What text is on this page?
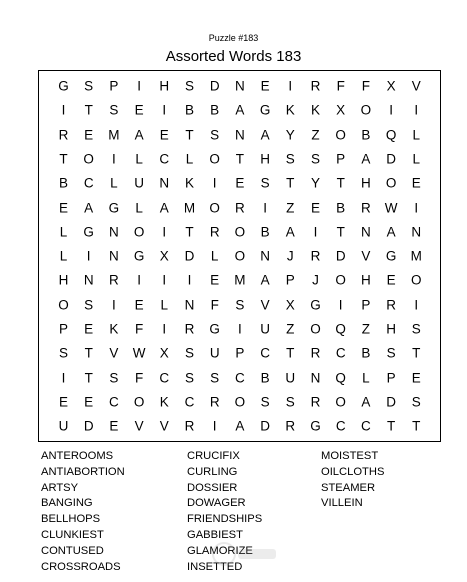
Puzzle #183
Assorted Words 183
G	S	P	I	H	S	D	N	E	I	R	F	F	X	V
I	T	S	E	I	B	B	A	G	K	K	X	O	I	I
R	E	M	A	E	T	S	N	A	Y	Z	O	B	Q	L
T	O	I	L	C	L	O	T	H	S	S	P	A	D	L
B	C	L	U	N	K	I	E	S	T	Y	T	H	O	E
E	A	G	L	A	M	O	R	I	Z	E	B	R	W	I
L	G	N	O	I	T	R	O	B	A	I	T	N	A	N
L	I	N	G	X	D	L	O	N	J	R	D	V	G	M
H	N	R	I	I	I	E	M	A	P	J	O	H	E	O
O	S	I	E	L	N	F	S	V	X	G	I	P	R	I
P	E	K	F	I	R	G	I	U	Z	O	Q	Z	H	S
S	T	V	W	X	S	U	P	C	T	R	C	B	S	T
I	T	S	F	C	S	S	C	B	U	N	Q	L	P	E
E	E	C	O	K	C	R	O	S	S	R	O	A	D	S
U	D	E	V	V	R	I	A	D	R	G	C	C	T	T
ANTEROOMS
ANTIABORTION
ARTSY
BANGING
BELLHOPS
CLUNKIEST
CONTUSED
CROSSROADS
CRUCIFIX
CURLING
DOSSIER
DOWAGER
FRIENDSHIPS
GABBIEST
GLAMORIZE
INSETTED
MOISTEST
OILCLOTHS
STEAMER
VILLEIN
